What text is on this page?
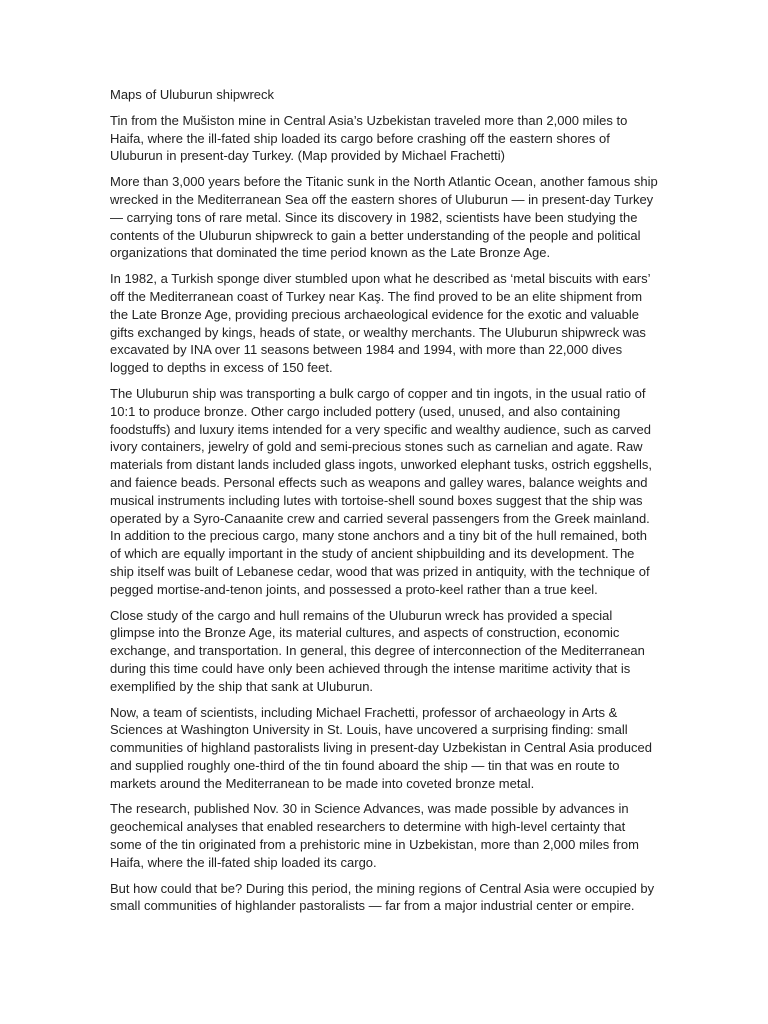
Maps of Uluburun shipwreck

Tin from the Mušiston mine in Central Asia’s Uzbekistan traveled more than 2,000 miles to Haifa, where the ill-fated ship loaded its cargo before crashing off the eastern shores of Uluburun in present-day Turkey. (Map provided by Michael Frachetti)

More than 3,000 years before the Titanic sunk in the North Atlantic Ocean, another famous ship wrecked in the Mediterranean Sea off the eastern shores of Uluburun — in present-day Turkey — carrying tons of rare metal. Since its discovery in 1982, scientists have been studying the contents of the Uluburun shipwreck to gain a better understanding of the people and political organizations that dominated the time period known as the Late Bronze Age.

In 1982, a Turkish sponge diver stumbled upon what he described as ‘metal biscuits with ears’ off the Mediterranean coast of Turkey near Kaş. The find proved to be an elite shipment from the Late Bronze Age, providing precious archaeological evidence for the exotic and valuable gifts exchanged by kings, heads of state, or wealthy merchants. The Uluburun shipwreck was excavated by INA over 11 seasons between 1984 and 1994, with more than 22,000 dives logged to depths in excess of 150 feet.

The Uluburun ship was transporting a bulk cargo of copper and tin ingots, in the usual ratio of 10:1 to produce bronze. Other cargo included pottery (used, unused, and also containing foodstuffs) and luxury items intended for a very specific and wealthy audience, such as carved ivory containers, jewelry of gold and semi-precious stones such as carnelian and agate. Raw materials from distant lands included glass ingots, unworked elephant tusks, ostrich eggshells, and faience beads. Personal effects such as weapons and galley wares, balance weights and musical instruments including lutes with tortoise-shell sound boxes suggest that the ship was operated by a Syro-Canaanite crew and carried several passengers from the Greek mainland. In addition to the precious cargo, many stone anchors and a tiny bit of the hull remained, both of which are equally important in the study of ancient shipbuilding and its development. The ship itself was built of Lebanese cedar, wood that was prized in antiquity, with the technique of pegged mortise-and-tenon joints, and possessed a proto-keel rather than a true keel.

Close study of the cargo and hull remains of the Uluburun wreck has provided a special glimpse into the Bronze Age, its material cultures, and aspects of construction, economic exchange, and transportation. In general, this degree of interconnection of the Mediterranean during this time could have only been achieved through the intense maritime activity that is exemplified by the ship that sank at Uluburun.

Now, a team of scientists, including Michael Frachetti, professor of archaeology in Arts & Sciences at Washington University in St. Louis, have uncovered a surprising finding: small communities of highland pastoralists living in present-day Uzbekistan in Central Asia produced and supplied roughly one-third of the tin found aboard the ship — tin that was en route to markets around the Mediterranean to be made into coveted bronze metal.

The research, published Nov. 30 in Science Advances, was made possible by advances in geochemical analyses that enabled researchers to determine with high-level certainty that some of the tin originated from a prehistoric mine in Uzbekistan, more than 2,000 miles from Haifa, where the ill-fated ship loaded its cargo.

But how could that be? During this period, the mining regions of Central Asia were occupied by small communities of highlander pastoralists — far from a major industrial center or empire.
